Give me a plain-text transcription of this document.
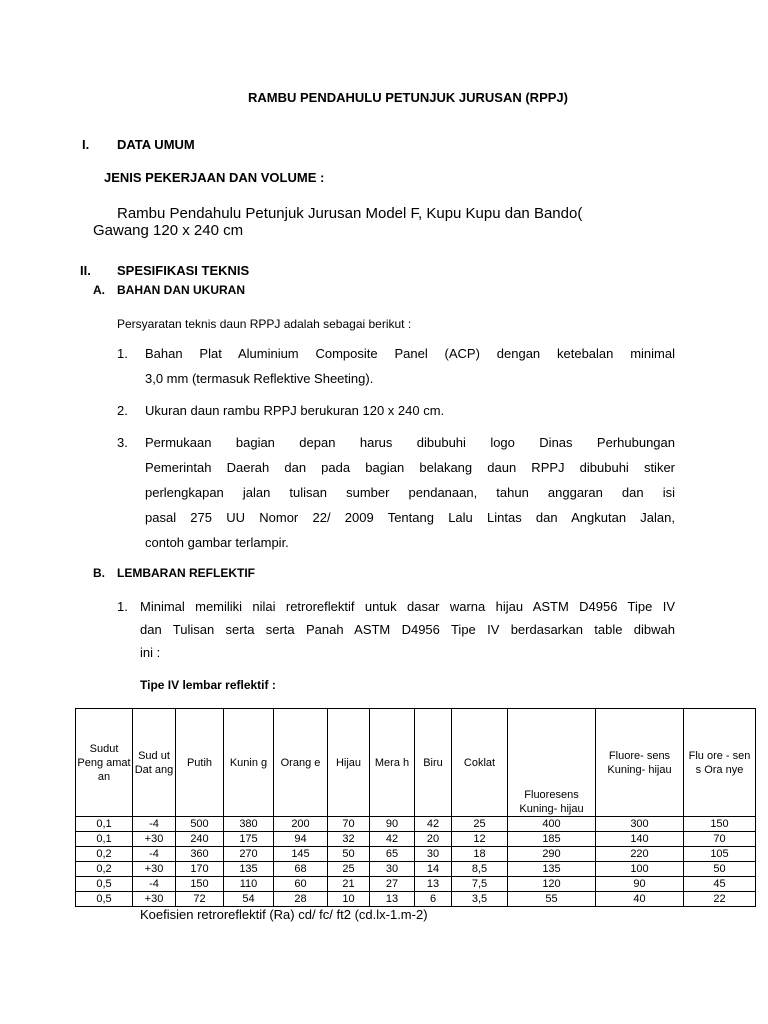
RAMBU PENDAHULU PETUNJUK JURUSAN (RPPJ)
I. DATA UMUM
JENIS PEKERJAAN DAN VOLUME :
Rambu Pendahulu Petunjuk Jurusan Model F, Kupu Kupu dan Bando(
Gawang 120 x 240 cm
II. SPESIFIKASI TEKNIS
A. BAHAN DAN UKURAN
Persyaratan teknis daun RPPJ adalah sebagai berikut :
1. Bahan Plat Aluminium Composite Panel (ACP) dengan ketebalan minimal
3,0 mm (termasuk Reflektive Sheeting).
2. Ukuran daun rambu RPPJ berukuran 120 x 240 cm.
3. Permukaan bagian depan harus dibubuhi logo Dinas Perhubungan
Pemerintah Daerah dan pada bagian belakang daun RPPJ dibubuhi stiker
perlengkapan jalan tulisan sumber pendanaan, tahun anggaran dan isi
pasal 275 UU Nomor 22/ 2009 Tentang Lalu Lintas dan Angkutan Jalan,
contoh gambar terlampir.
B. LEMBARAN REFLEKTIF
1. Minimal memiliki nilai retroreflektif untuk dasar warna hijau ASTM D4956 Tipe IV
dan Tulisan serta serta Panah ASTM D4956 Tipe IV berdasarkan table dibwah
ini :
Tipe IV lembar reflektif :
Sudut Peng amat an	Sud ut Dat ang	Putih	Kunin g	Orang e	Hijau	Mera h	Biru	Coklat	Fluoresens Kuning- hijau	Fluore- sens Kuning- hijau	Flu ore - sen s Ora nye
0,1	-4	500	380	200	70	90	42	25	400	300	150
0,1	+30	240	175	94	32	42	20	12	185	140	70
0,2	-4	360	270	145	50	65	30	18	290	220	105
0,2	+30	170	135	68	25	30	14	8,5	135	100	50
0,5	-4	150	110	60	21	27	13	7,5	120	90	45
0,5	+30	72	54	28	10	13	6	3,5	55	40	22
Koefisien retroreflektif (Ra) cd/ fc/ ft2 (cd.lx-1.m-2)
